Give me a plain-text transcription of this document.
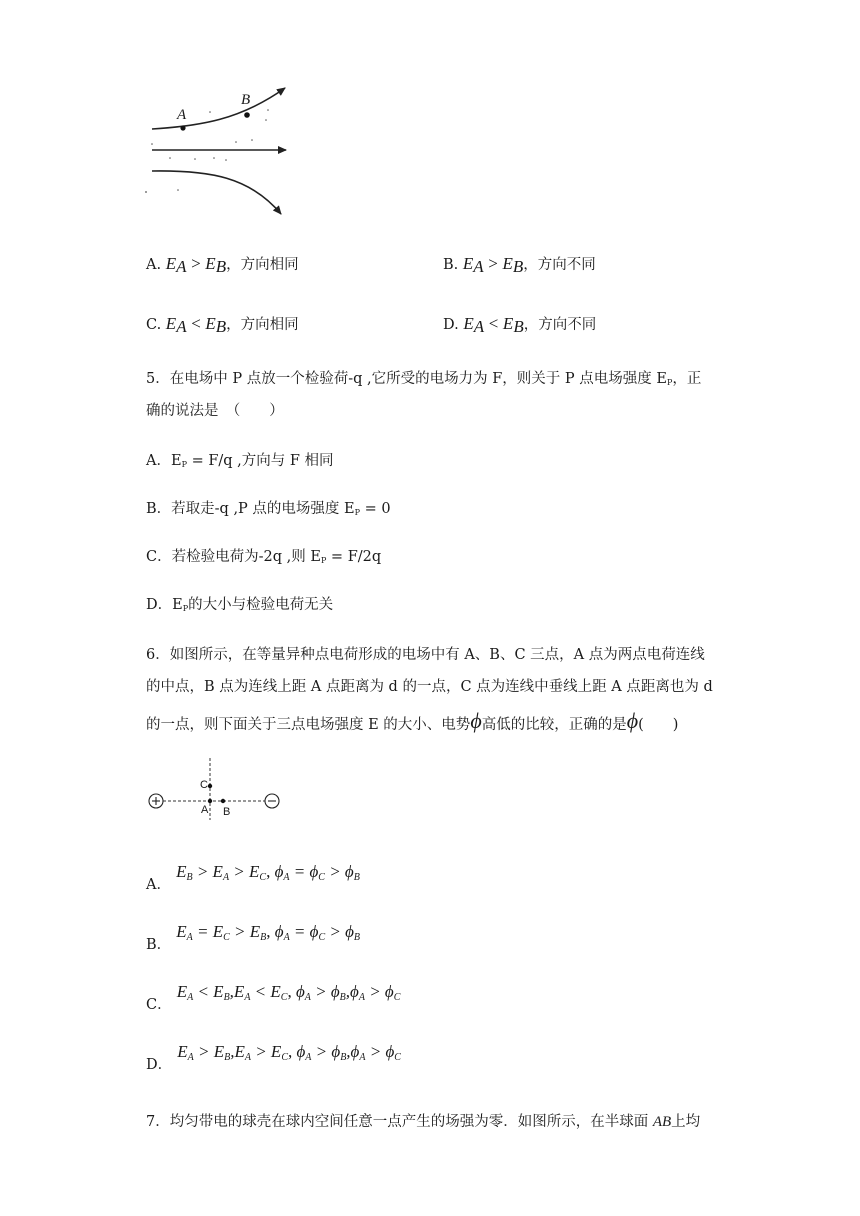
A
B
A. $E_A > E_B$，方向相同	B. $E_A > E_B$，方向不同
C. $E_A < E_B$，方向相同	D. $E_A < E_B$，方向不同
5．在电场中 P 点放一个检验荷-q ,它所受的电场力为 F，则关于 P 点电场强度 $E_P$，正
确的说法是　（　　）
A．$E_P = F/q$ ,方向与 F 相同
B．若取走-q ,P 点的电场强度 $E_P = 0$
C．若检验电荷为-2q ,则 $E_P = F/2q$
D．$E_P$的大小与检验电荷无关
6．如图所示，在等量异种点电荷形成的电场中有 A、B、C 三点，A 点为两点电荷连线
的中点，B 点为连线上距 A 点距离为 d 的一点，C 点为连线中垂线上距 A 点距离也为 d
的一点，则下面关于三点电场强度 E 的大小、电势ϕ高低的比较，正确的是ϕ(　　)
C
A B
A． $E_B > E_A > E_C$, $\phi_A = \phi_C > \phi_B$
B． $E_A = E_C > E_B$, $\phi_A = \phi_C > \phi_B$
C． $E_A < E_B,E_A < E_C$, $\phi_A > \phi_B,\phi_A > \phi_C$
D． $E_A > E_B,E_A > E_C$, $\phi_A > \phi_B,\phi_A > \phi_C$
7．均匀带电的球壳在球内空间任意一点产生的场强为零．如图所示，在半球面 AB上均
